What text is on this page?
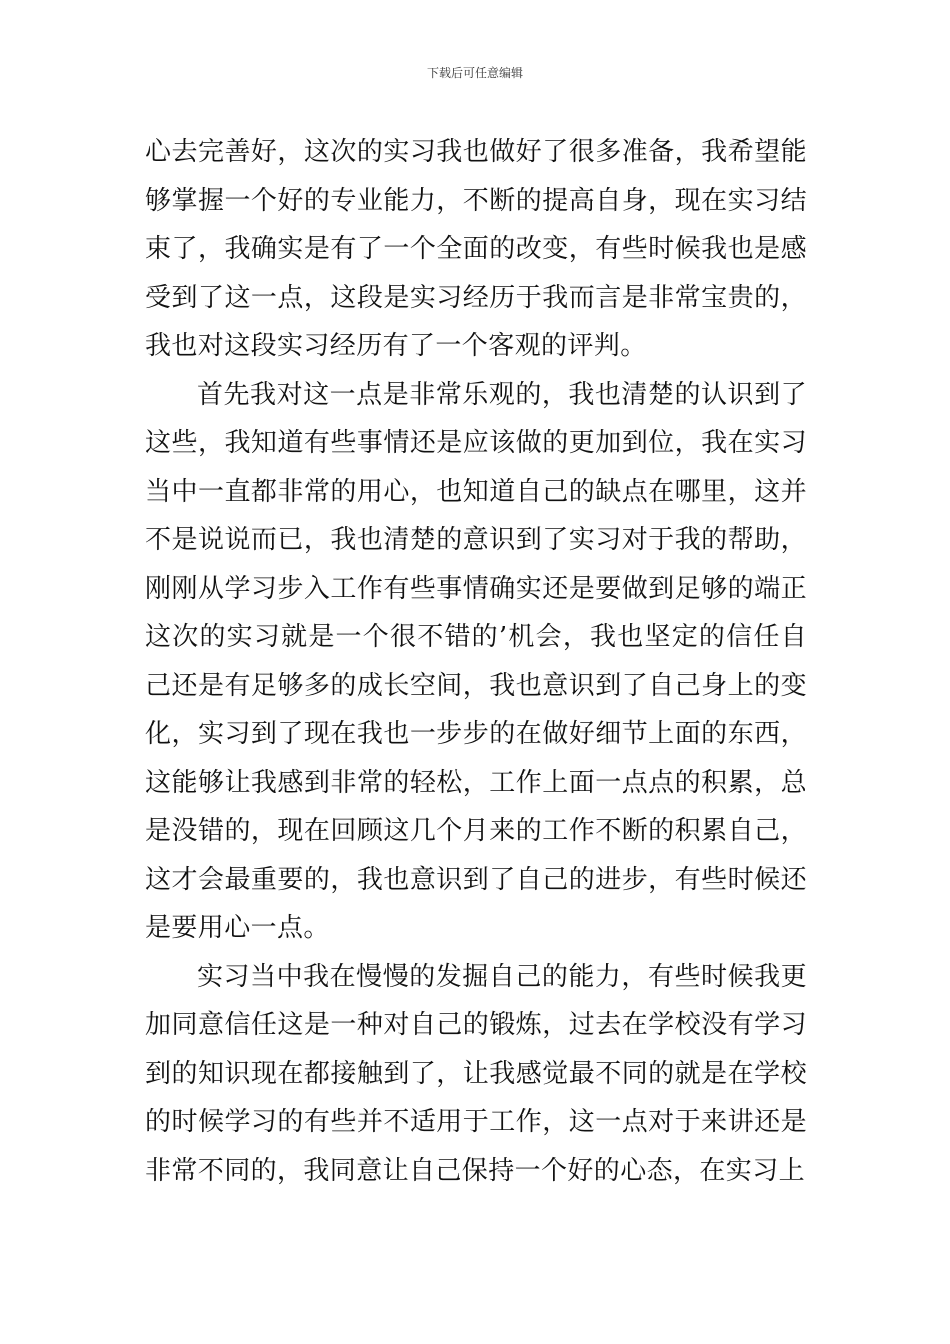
下载后可任意编辑

心去完善好，这次的实习我也做好了很多准备，我希望能够掌握一个好的专业能力，不断的提高自身，现在实习结束了，我确实是有了一个全面的改变，有些时候我也是感受到了这一点，这段是实习经历于我而言是非常宝贵的，我也对这段实习经历有了一个客观的评判。

首先我对这一点是非常乐观的，我也清楚的认识到了这些，我知道有些事情还是应该做的更加到位，我在实习当中一直都非常的用心，也知道自己的缺点在哪里，这并不是说说而已，我也清楚的意识到了实习对于我的帮助，刚刚从学习步入工作有些事情确实还是要做到足够的端正这次的实习就是一个很不错的’机会，我也坚定的信任自己还是有足够多的成长空间，我也意识到了自己身上的变化，实习到了现在我也一步步的在做好细节上面的东西，这能够让我感到非常的轻松，工作上面一点点的积累，总是没错的，现在回顾这几个月来的工作不断的积累自己，这才会最重要的，我也意识到了自己的进步，有些时候还是要用心一点。

实习当中我在慢慢的发掘自己的能力，有些时候我更加同意信任这是一种对自己的锻炼，过去在学校没有学习到的知识现在都接触到了，让我感觉最不同的就是在学校的时候学习的有些并不适用于工作，这一点对于来讲还是非常不同的，我同意让自己保持一个好的心态，在实习上
